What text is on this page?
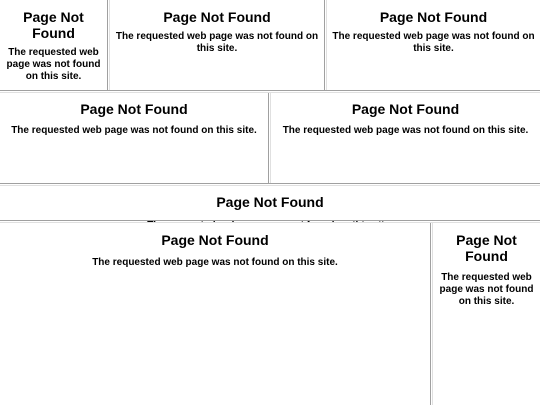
Page Not Found

The requested web page was not found on this site.

Page Not Found

The requested web page was not found on this site.

Page Not Found

The requested web page was not found on this site.

Page Not Found

The requested web page was not found on this site.

Page Not Found

The requested web page was not found on this site.

Page Not Found

Page Not Found

The requested web page was not found on this site.

Page Not Found

The requested web page was not found on this site.
